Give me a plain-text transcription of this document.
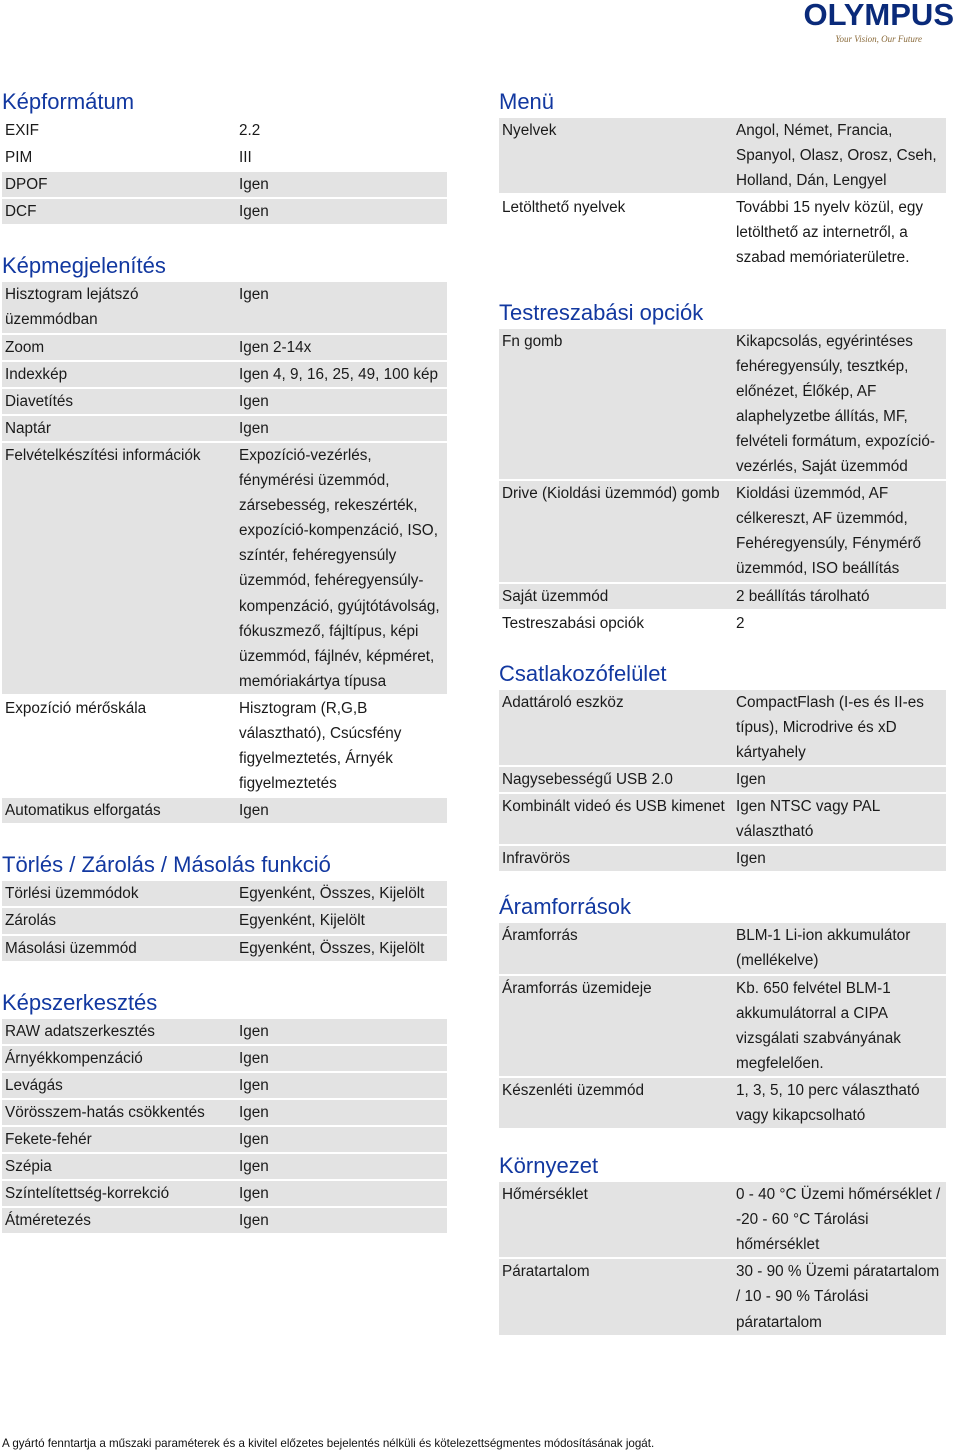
OLYMPUS
Your Vision, Our Future
Képformátum
EXIF	2.2
PIM	III
DPOF	Igen
DCF	Igen
Képmegjelenítés
Hisztogram lejátszó üzemmódban	Igen
Zoom	Igen 2-14x
Indexkép	Igen 4, 9, 16, 25, 49, 100 kép
Diavetítés	Igen
Naptár	Igen
Felvételkészítési információk	Expozíció-vezérlés, fénymérési üzemmód, zársebesség, rekeszérték, expozíció-kompenzáció, ISO, színtér, fehéregyensúly üzemmód, fehéregyensúly-kompenzáció, gyújtótávolság, fókuszmező, fájltípus, képi üzemmód, fájlnév, képméret, memóriakártya típusa
Expozíció mérőskála	Hisztogram (R,G,B választható), Csúcsfény figyelmeztetés, Árnyék figyelmeztetés
Automatikus elforgatás	Igen
Törlés / Zárolás / Másolás funkció
Törlési üzemmódok	Egyenként, Összes, Kijelölt
Zárolás	Egyenként, Kijelölt
Másolási üzemmód	Egyenként, Összes, Kijelölt
Képszerkesztés
RAW adatszerkesztés	Igen
Árnyékkompenzáció	Igen
Levágás	Igen
Vörösszem-hatás csökkentés	Igen
Fekete-fehér	Igen
Szépia	Igen
Színtelítettség-korrekció	Igen
Átméretezés	Igen
Menü
Nyelvek	Angol, Német, Francia, Spanyol, Olasz, Orosz, Cseh, Holland, Dán, Lengyel
Letölthető nyelvek	További 15 nyelv közül, egy letölthető az internetről, a szabad memóriaterületre.
Testreszabási opciók
Fn gomb	Kikapcsolás, egyérintéses fehéregyensúly, tesztkép, előnézet, Élőkép, AF alaphelyzetbe állítás, MF, felvételi formátum, expozíció-vezérlés, Saját üzemmód
Drive (Kioldási üzemmód) gomb	Kioldási üzemmód, AF célkereszt, AF üzemmód, Fehéregyensúly, Fénymérő üzemmód, ISO beállítás
Saját üzemmód	2 beállítás tárolható
Testreszabási opciók	2
Csatlakozófelület
Adattároló eszköz	CompactFlash (I-es és II-es típus), Microdrive és xD kártyahely
Nagysebességű USB 2.0	Igen
Kombinált videó és USB kimenet	Igen NTSC vagy PAL választható
Infravörös	Igen
Áramforrások
Áramforrás	BLM-1 Li-ion akkumulátor (mellékelve)
Áramforrás üzemideje	Kb. 650 felvétel BLM-1 akkumulátorral a CIPA vizsgálati szabványának megfelelően.
Készenléti üzemmód	1, 3, 5, 10 perc választható vagy kikapcsolható
Környezet
Hőmérséklet	0 - 40 °C Üzemi hőmérséklet / -20 - 60 °C Tárolási hőmérséklet
Páratartalom	30 - 90 % Üzemi páratartalom / 10 - 90 % Tárolási páratartalom
A gyártó fenntartja a műszaki paraméterek és a kivitel előzetes bejelentés nélküli és kötelezettségmentes módosításának jogát.
